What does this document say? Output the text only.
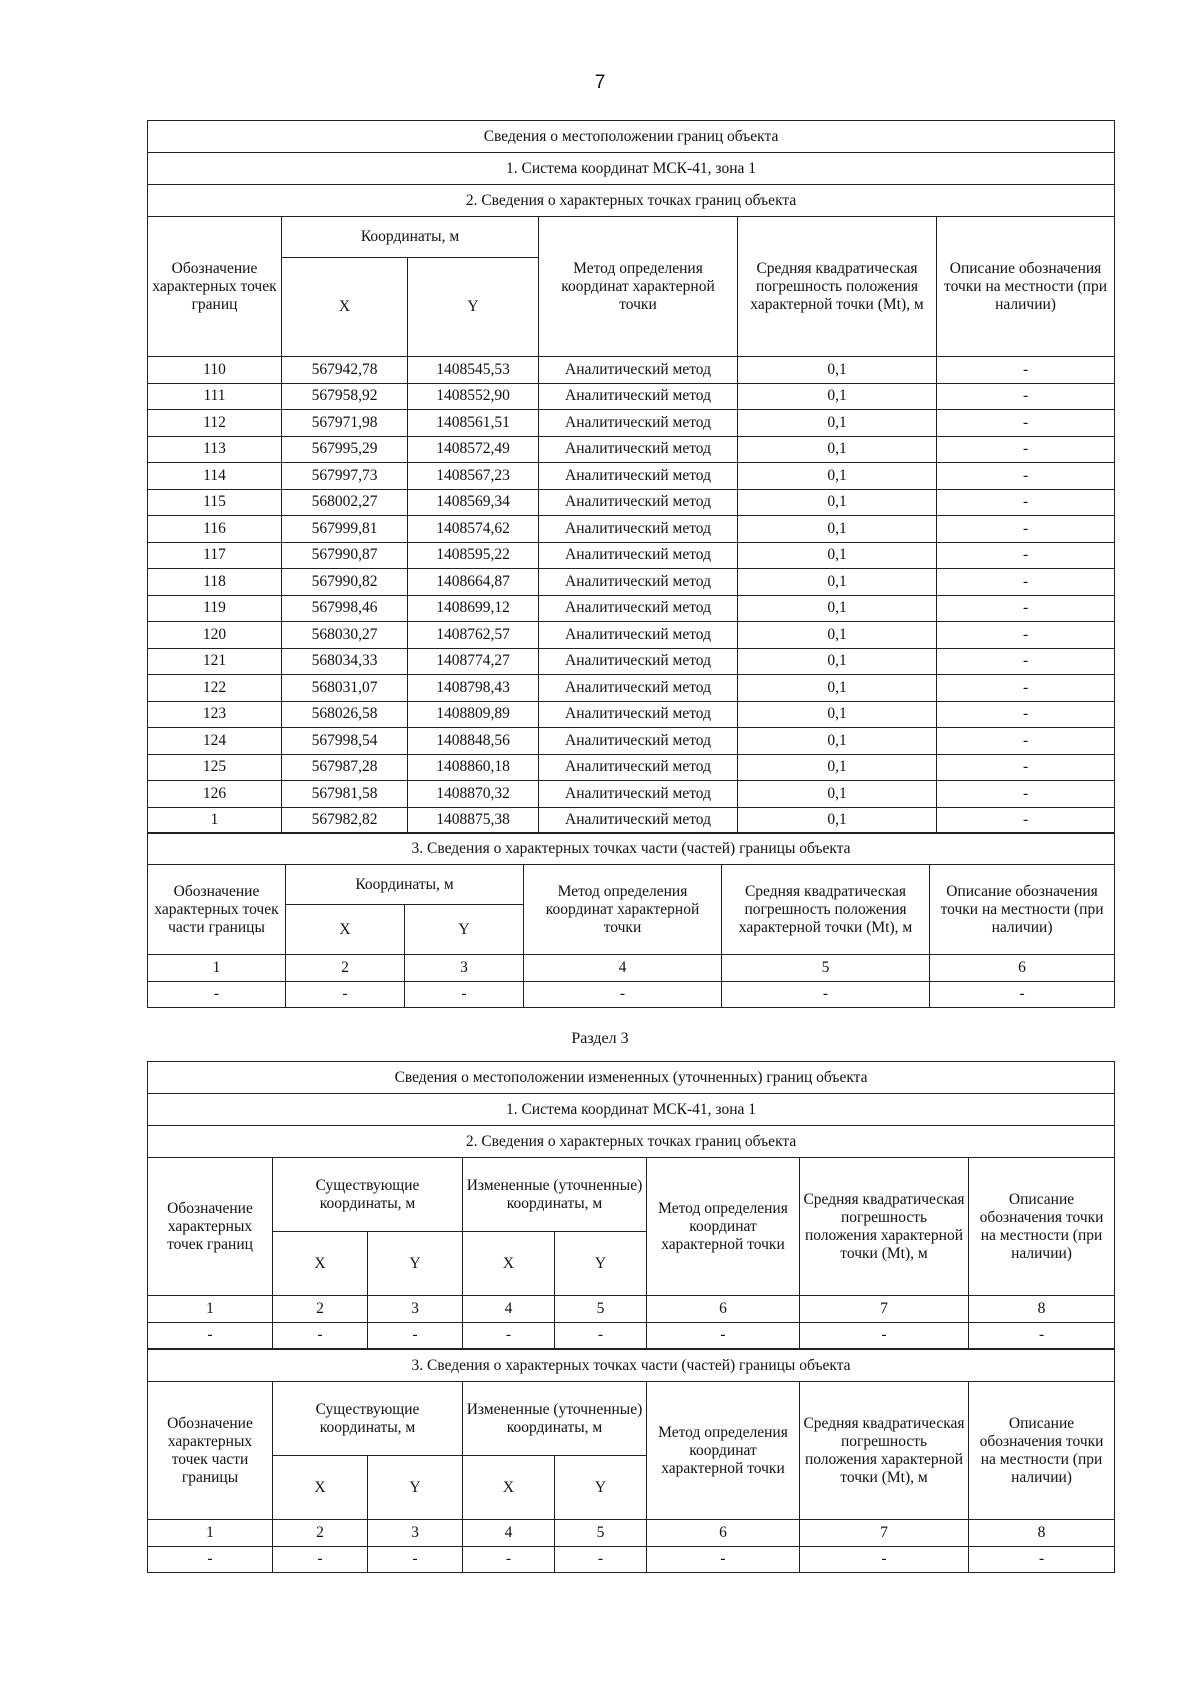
7
Сведения о местоположении границ объекта					
1. Система координат МСК-41, зона 1					
2. Сведения о характерных точках границ объекта					
Обозначение характерных точек границ	Координаты, м		Метод определения координат характерной точки	Средняя квадратическая погрешность положения характерной точки (Mt), м	Описание обозначения точки на местности (при наличии)
	X	Y			
110	567942,78	1408545,53	Аналитический метод	0,1	-
111	567958,92	1408552,90	Аналитический метод	0,1	-
112	567971,98	1408561,51	Аналитический метод	0,1	-
113	567995,29	1408572,49	Аналитический метод	0,1	-
114	567997,73	1408567,23	Аналитический метод	0,1	-
115	568002,27	1408569,34	Аналитический метод	0,1	-
116	567999,81	1408574,62	Аналитический метод	0,1	-
117	567990,87	1408595,22	Аналитический метод	0,1	-
118	567990,82	1408664,87	Аналитический метод	0,1	-
119	567998,46	1408699,12	Аналитический метод	0,1	-
120	568030,27	1408762,57	Аналитический метод	0,1	-
121	568034,33	1408774,27	Аналитический метод	0,1	-
122	568031,07	1408798,43	Аналитический метод	0,1	-
123	568026,58	1408809,89	Аналитический метод	0,1	-
124	567998,54	1408848,56	Аналитический метод	0,1	-
125	567987,28	1408860,18	Аналитический метод	0,1	-
126	567981,58	1408870,32	Аналитический метод	0,1	-
1	567982,82	1408875,38	Аналитический метод	0,1	-
3. Сведения о характерных точках части (частей) границы объекта					
Обозначение характерных точек части границы	Координаты, м		Метод определения координат характерной точки	Средняя квадратическая погрешность положения характерной точки (Mt), м	Описание обозначения точки на местности (при наличии)
	X	Y			
1	2	3	4	5	6
-	-	-	-	-	-
Раздел 3
Сведения о местоположении измененных (уточненных) границ объекта							
1. Система координат МСК-41, зона 1							
2. Сведения о характерных точках границ объекта							
Обозначение характерных точек границ	Существующие координаты, м		Измененные (уточненные) координаты, м		Метод определения координат характерной точки	Средняя квадратическая погрешность положения характерной точки (Mt), м	Описание обозначения точки на местности (при наличии)
	X	Y	X	Y			
1	2	3	4	5	6	7	8
-	-	-	-	-	-	-	-
3. Сведения о характерных точках части (частей) границы объекта							
Обозначение характерных точек части границы	Существующие координаты, м		Измененные (уточненные) координаты, м		Метод определения координат характерной точки	Средняя квадратическая погрешность положения характерной точки (Mt), м	Описание обозначения точки на местности (при наличии)
	X	Y	X	Y			
1	2	3	4	5	6	7	8
-	-	-	-	-	-	-	-
